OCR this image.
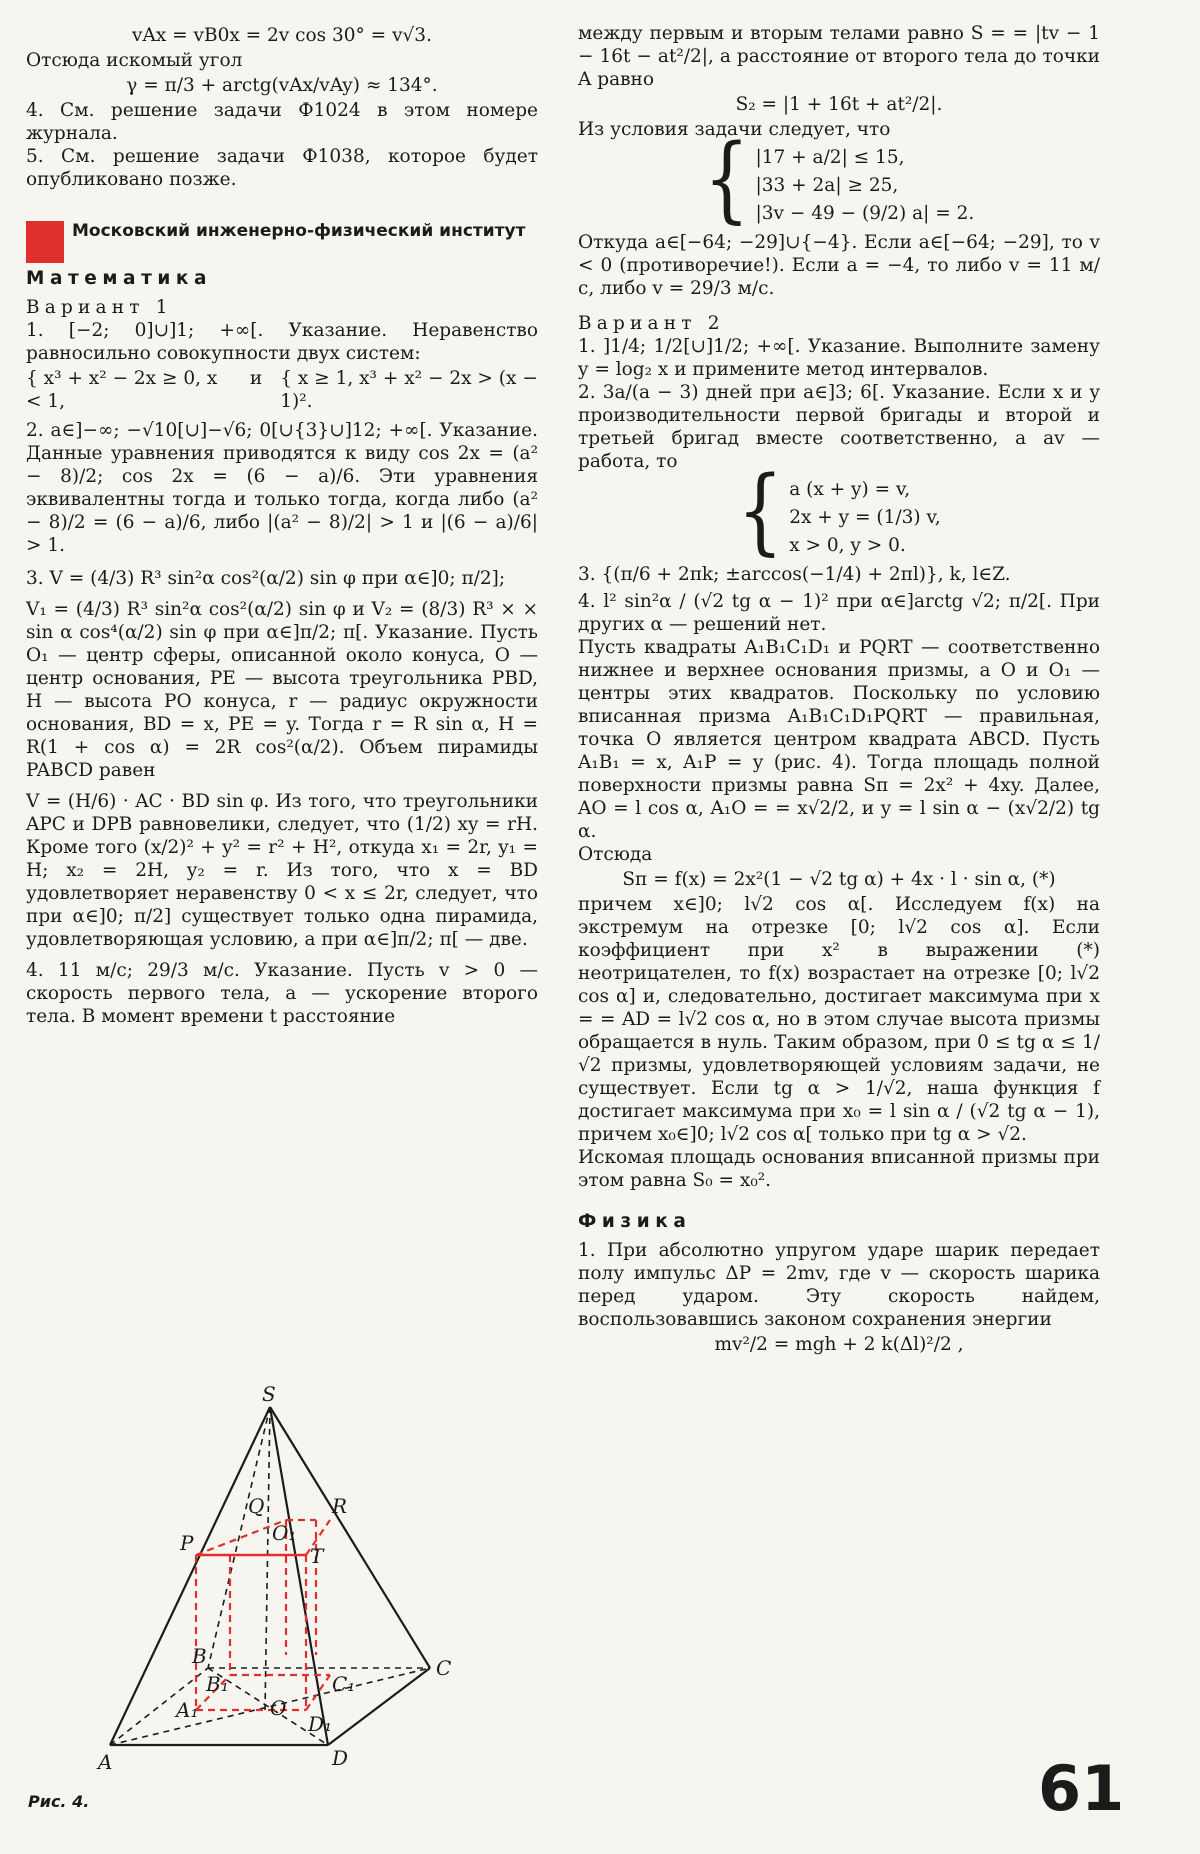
vAx = vB0x = 2v cos 30° = v√3.

Отсюда искомый угол

γ = π/3 + arctg(vAx/vAy) ≈ 134°.

4. См. решение задачи Ф1024 в этом номере журнала.

5. См. решение задачи Ф1038, которое будет опубликовано позже.

Московский инженерно-физический институт
Математика
Вариант 1

1. [−2; 0]∪]1; +∞[. Указание. Неравенство равносильно совокупности двух систем:

{ x³ + x² − 2x ≥ 0, x < 1,
и { x ≥ 1, x³ + x² − 2x > (x − 1)².

2. a∈]−∞; −√10[∪]−√6; 0[∪{3}∪]12; +∞[. Указание. Данные уравнения приводятся к виду cos 2x = (a² − 8)/2; cos 2x = (6 − a)/6. Эти уравнения эквивалентны тогда и только тогда, когда либо (a² − 8)/2 = (6 − a)/6, либо |(a² − 8)/2| > 1 и |(6 − a)/6| > 1.

3. V = (4/3) R³ sin²α cos²(α/2) sin φ при α∈]0; π/2];

V₁ = (4/3) R³ sin²α cos²(α/2) sin φ и V₂ = (8/3) R³ × × sin α cos⁴(α/2) sin φ при α∈]π/2; π[. Указание. Пусть O₁ — центр сферы, описанной около конуса, O — центр основания, PE — высота треугольника PBD, H — высота PO конуса, r — радиус окружности основания, BD = x, PE = y. Тогда r = R sin α, H = R(1 + cos α) = 2R cos²(α/2). Объем пирамиды PABCD равен

V = (H/6) · AC · BD sin φ. Из того, что треугольники APC и DPB равновелики, следует, что (1/2) xy = rH. Кроме того (x/2)² + y² = r² + H², откуда x₁ = 2r, y₁ = H; x₂ = 2H, y₂ = r. Из того, что x = BD удовлетворяет неравенству 0 < x ≤ 2r, следует, что при α∈]0; π/2] существует только одна пирамида, удовлетворяющая условию, а при α∈]π/2; π[ — две.

4. 11 м/с; 29/3 м/с. Указание. Пусть v > 0 — скорость первого тела, a — ускорение второго тела. В момент времени t расстояние

S
R
Q
O₁
P
T
B	C
B₁	C₁
A₁	O
D₁
A	D
Рис. 4.

между первым и вторым телами равно S = = |tv − 1 − 16t − at²/2|, а расстояние от второго тела до точки A равно

S₂ = |1 + 16t + at²/2|.

Из условия задачи следует, что

{ |17 + a/2| ≤ 15,
|33 + 2a| ≥ 25,
|3v − 49 − (9/2) a| = 2.

Откуда a∈[−64; −29]∪{−4}. Если a∈[−64; −29], то v < 0 (противоречие!). Если a = −4, то либо v = 11 м/с, либо v = 29/3 м/с.

Вариант 2

1. ]1/4; 1/2[∪]1/2; +∞[. Указание. Выполните замену y = log₂ x и примените метод интервалов.

2. 3a/(a − 3) дней при a∈]3; 6[. Указание. Если x и y производительности первой бригады и второй и третьей бригад вместе соответственно, а av — работа, то { a (x + y) = v,
2x + y = (1/3) v,
x > 0, y > 0.

3. {(π/6 + 2πk; ±arccos(−1/4) + 2πl)}, k, l∈Z.

4. l² sin²α / (√2 tg α − 1)² при α∈]arctg √2; π/2[. При других α — решений нет.

Пусть квадраты A₁B₁C₁D₁ и PQRT — соответственно нижнее и верхнее основания призмы, а O и O₁ — центры этих квадратов. Поскольку по условию вписанная призма A₁B₁C₁D₁PQRT — правильная, точка O является центром квадрата ABCD. Пусть A₁B₁ = x, A₁P = y (рис. 4). Тогда площадь полной поверхности призмы равна Sп = 2x² + 4xy. Далее, AO = l cos α, A₁O = = x√2/2, и y = l sin α − (x√2/2) tg α.

Отсюда

Sп = f(x) = 2x²(1 − √2 tg α) + 4x · l · sin α, (*)

причем x∈]0; l√2 cos α[. Исследуем f(x) на экстремум на отрезке [0; l√2 cos α]. Если коэффициент при x² в выражении (*) неотрицателен, то f(x) возрастает на отрезке [0; l√2 cos α] и, следовательно, достигает максимума при x = = AD = l√2 cos α, но в этом случае высота призмы обращается в нуль. Таким образом, при 0 ≤ tg α ≤ 1/√2 призмы, удовлетворяющей условиям задачи, не существует. Если tg α > 1/√2, наша функция f достигает максимума при x₀ = l sin α / (√2 tg α − 1), причем x₀∈]0; l√2 cos α[ только при tg α > √2.

Искомая площадь основания вписанной призмы при этом равна S₀ = x₀².

Физика

1. При абсолютно упругом ударе шарик передает полу импульс ΔP = 2mv, где v — скорость шарика перед ударом. Эту скорость найдем, воспользовавшись законом сохранения энергии

mv²/2 = mgh + 2 k(Δl)²/2 ,

61
